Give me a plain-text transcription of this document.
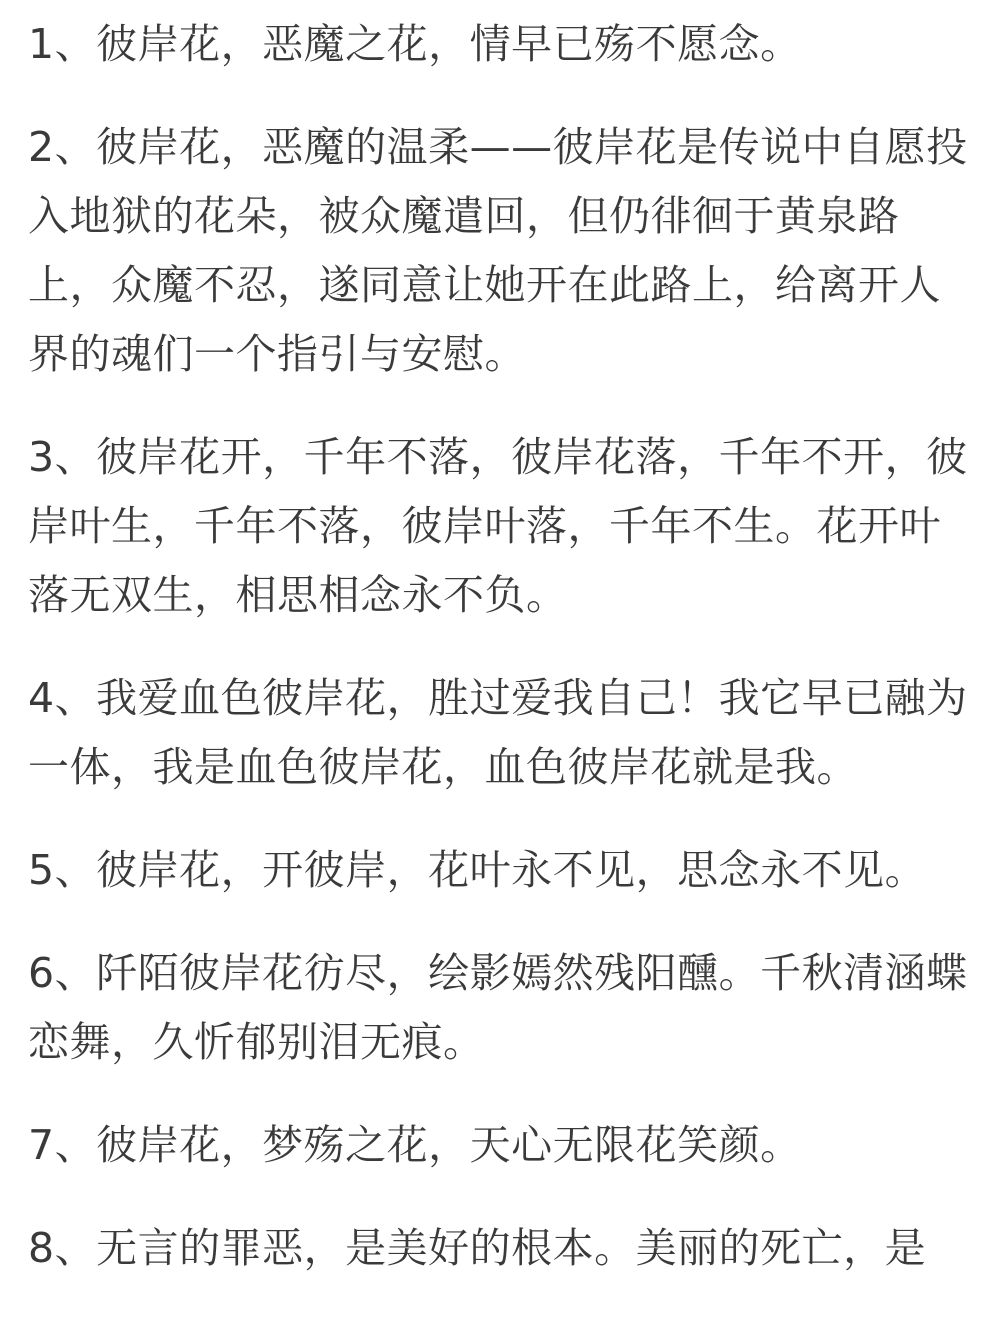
1、彼岸花，恶魔之花，情早已殇不愿念。

2、彼岸花，恶魔的温柔——彼岸花是传说中自愿投入地狱的花朵，被众魔遣回，但仍徘徊于黄泉路上，众魔不忍，遂同意让她开在此路上，给离开人界的魂们一个指引与安慰。

3、彼岸花开，千年不落，彼岸花落，千年不开，彼岸叶生，千年不落，彼岸叶落，千年不生。花开叶落无双生，相思相念永不负。

4、我爱血色彼岸花，胜过爱我自己！我它早已融为一体，我是血色彼岸花，血色彼岸花就是我。

5、彼岸花，开彼岸，花叶永不见，思念永不见。

6、阡陌彼岸花彷尽，绘影嫣然残阳醺。千秋清涵蝶恋舞，久忻郁别泪无痕。

7、彼岸花，梦殇之花，天心无限花笑颜。

8、无言的罪恶，是美好的根本。美丽的死亡，是
